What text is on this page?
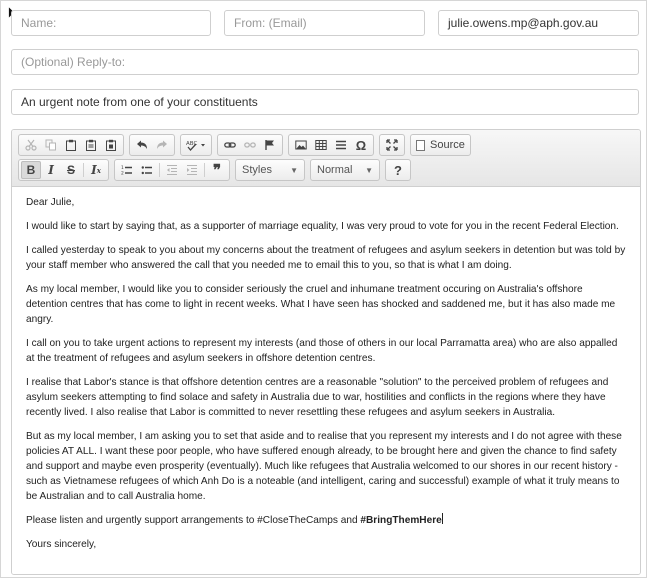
Name:	From: (Email)	julie.owens.mp@aph.gov.au
(Optional) Reply-to:
An urgent note from one of your constituents
ABC	Ω	Source
B	I	S	I x	1
2	❞	Styles ▼ Normal ▼	?

Dear Julie,

I would like to start by saying that, as a supporter of marriage equality, I was very proud to vote for you in the recent Federal Election.

I called yesterday to speak to you about my concerns about the treatment of refugees and asylum seekers in detention but was told by your staff member who answered the call that you needed me to email this to you, so that is what I am doing.

As my local member, I would like you to consider seriously the cruel and inhumane treatment occuring on Australia's offshore detention centres that has come to light in recent weeks. What I have seen has shocked and saddened me, but it has also made me angry.

I call on you to take urgent actions to represent my interests (and those of others in our local Parramatta area) who are also appalled at the treatment of refugees and asylum seekers in offshore detention centres.

I realise that Labor's stance is that offshore detention centres are a reasonable "solution" to the perceived problem of refugees and asylum seekers attempting to find solace and safety in Australia due to war, hostilities and conflicts in the regions where they have recently lived. I also realise that Labor is committed to never resettling these refugees and asylum seekers in Australia.

But as my local member, I am asking you to set that aside and to realise that you represent my interests and I do not agree with these policies AT ALL. I want these poor people, who have suffered enough already, to be brought here and given the chance to find safety and support and maybe even prosperity (eventually). Much like refugees that Australia welcomed to our shores in our recent history - such as Vietnamese refugees of which Anh Do is a noteable (and intelligent, caring and successful) example of what it truly means to be Australian and to call Australia home.

Please listen and urgently support arrangements to #CloseTheCamps and #BringThemHere

Yours sincerely,
